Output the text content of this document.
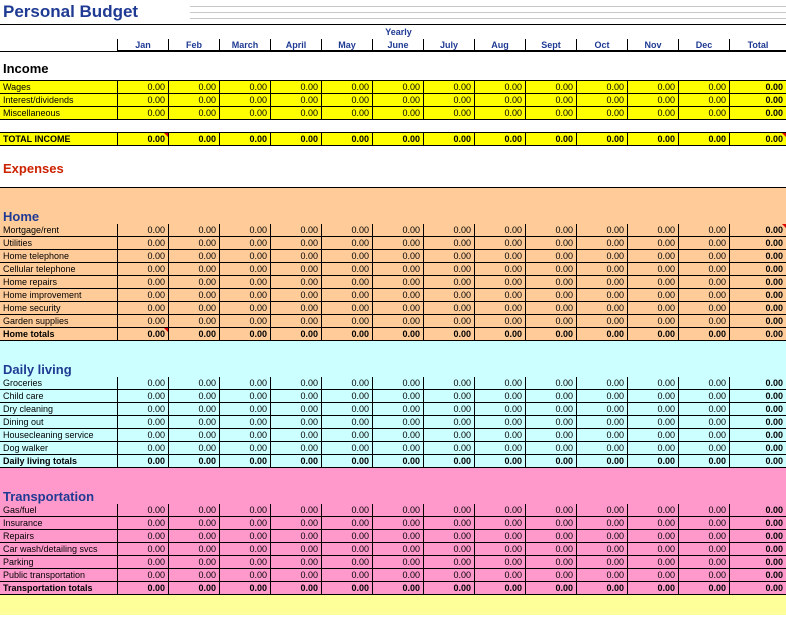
Personal Budget
Yearly
Jan	Feb	March	April	May	June	July	Aug	Sept	Oct	Nov	Dec	Total
Income
Wages	0.00	0.00	0.00	0.00	0.00	0.00	0.00	0.00	0.00	0.00	0.00	0.00	0.00
Interest/dividends	0.00	0.00	0.00	0.00	0.00	0.00	0.00	0.00	0.00	0.00	0.00	0.00	0.00
Miscellaneous	0.00	0.00	0.00	0.00	0.00	0.00	0.00	0.00	0.00	0.00	0.00	0.00	0.00
TOTAL INCOME	0.00	0.00	0.00	0.00	0.00	0.00	0.00	0.00	0.00	0.00	0.00	0.00	0.00
Expenses
Home
Mortgage/rent	0.00	0.00	0.00	0.00	0.00	0.00	0.00	0.00	0.00	0.00	0.00	0.00	0.00
Utilities	0.00	0.00	0.00	0.00	0.00	0.00	0.00	0.00	0.00	0.00	0.00	0.00	0.00
Home telephone	0.00	0.00	0.00	0.00	0.00	0.00	0.00	0.00	0.00	0.00	0.00	0.00	0.00
Cellular telephone	0.00	0.00	0.00	0.00	0.00	0.00	0.00	0.00	0.00	0.00	0.00	0.00	0.00
Home repairs	0.00	0.00	0.00	0.00	0.00	0.00	0.00	0.00	0.00	0.00	0.00	0.00	0.00
Home improvement	0.00	0.00	0.00	0.00	0.00	0.00	0.00	0.00	0.00	0.00	0.00	0.00	0.00
Home security	0.00	0.00	0.00	0.00	0.00	0.00	0.00	0.00	0.00	0.00	0.00	0.00	0.00
Garden supplies	0.00	0.00	0.00	0.00	0.00	0.00	0.00	0.00	0.00	0.00	0.00	0.00	0.00
Home totals	0.00	0.00	0.00	0.00	0.00	0.00	0.00	0.00	0.00	0.00	0.00	0.00	0.00
Daily living
Groceries	0.00	0.00	0.00	0.00	0.00	0.00	0.00	0.00	0.00	0.00	0.00	0.00	0.00
Child care	0.00	0.00	0.00	0.00	0.00	0.00	0.00	0.00	0.00	0.00	0.00	0.00	0.00
Dry cleaning	0.00	0.00	0.00	0.00	0.00	0.00	0.00	0.00	0.00	0.00	0.00	0.00	0.00
Dining out	0.00	0.00	0.00	0.00	0.00	0.00	0.00	0.00	0.00	0.00	0.00	0.00	0.00
Housecleaning service	0.00	0.00	0.00	0.00	0.00	0.00	0.00	0.00	0.00	0.00	0.00	0.00	0.00
Dog walker	0.00	0.00	0.00	0.00	0.00	0.00	0.00	0.00	0.00	0.00	0.00	0.00	0.00
Daily living totals	0.00	0.00	0.00	0.00	0.00	0.00	0.00	0.00	0.00	0.00	0.00	0.00	0.00
Transportation
Gas/fuel	0.00	0.00	0.00	0.00	0.00	0.00	0.00	0.00	0.00	0.00	0.00	0.00	0.00
Insurance	0.00	0.00	0.00	0.00	0.00	0.00	0.00	0.00	0.00	0.00	0.00	0.00	0.00
Repairs	0.00	0.00	0.00	0.00	0.00	0.00	0.00	0.00	0.00	0.00	0.00	0.00	0.00
Car wash/detailing svcs	0.00	0.00	0.00	0.00	0.00	0.00	0.00	0.00	0.00	0.00	0.00	0.00	0.00
Parking	0.00	0.00	0.00	0.00	0.00	0.00	0.00	0.00	0.00	0.00	0.00	0.00	0.00
Public transportation	0.00	0.00	0.00	0.00	0.00	0.00	0.00	0.00	0.00	0.00	0.00	0.00	0.00
Transportation totals	0.00	0.00	0.00	0.00	0.00	0.00	0.00	0.00	0.00	0.00	0.00	0.00	0.00
